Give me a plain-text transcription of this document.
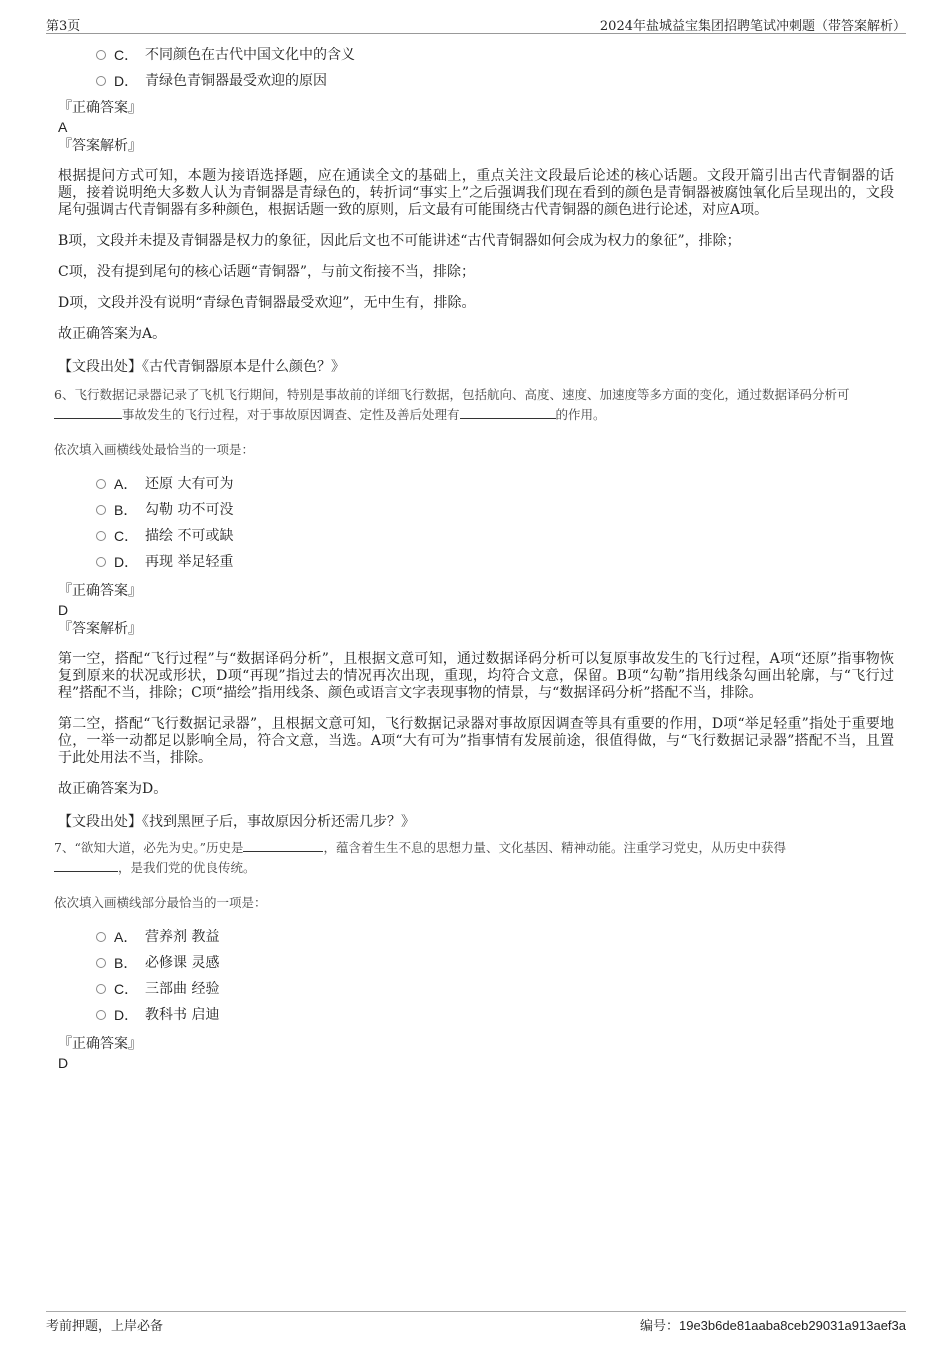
第3页	2024年盐城益宝集团招聘笔试冲刺题（带答案解析）
C． 不同颜色在古代中国文化中的含义
D． 青绿色青铜器最受欢迎的原因
『正确答案』
A
『答案解析』

根据提问方式可知，本题为接语选择题，应在通读全文的基础上，重点关注文段最后论述的核心话题。文段开篇引出古代青铜器的话题，接着说明绝大多数人认为青铜器是青绿色的，转折词“事实上”之后强调我们现在看到的颜色是青铜器被腐蚀氧化后呈现出的，文段尾句强调古代青铜器有多种颜色，根据话题一致的原则，后文最有可能围绕古代青铜器的颜色进行论述，对应A项。

B项，文段并未提及青铜器是权力的象征，因此后文也不可能讲述“古代青铜器如何会成为权力的象征”，排除；

C项，没有提到尾句的核心话题“青铜器”，与前文衔接不当，排除；

D项，文段并没有说明“青绿色青铜器最受欢迎”，无中生有，排除。

故正确答案为A。

【文段出处】《古代青铜器原本是什么颜色？》
6、飞行数据记录器记录了飞机飞行期间，特别是事故前的详细飞行数据，包括航向、高度、速度、加速度等多方面的变化，通过数据译码分析可事故发生的飞行过程，对于事故原因调查、定性及善后处理有	的作用。
依次填入画横线处最恰当的一项是：
A． 还原 大有可为
B． 勾勒 功不可没
C． 描绘 不可或缺
D． 再现 举足轻重
『正确答案』
D
『答案解析』

第一空，搭配“飞行过程”与“数据译码分析”，且根据文意可知，通过数据译码分析可以复原事故发生的飞行过程，A项“还原”指事物恢复到原来的状况或形状，D项“再现”指过去的情况再次出现，重现，均符合文意，保留。B项“勾勒”指用线条勾画出轮廓，与“飞行过程”搭配不当，排除；C项“描绘”指用线条、颜色或语言文字表现事物的情景，与“数据译码分析”搭配不当，排除。

第二空，搭配“飞行数据记录器”，且根据文意可知，飞行数据记录器对事故原因调查等具有重要的作用，D项“举足轻重”指处于重要地位，一举一动都足以影响全局，符合文意，当选。A项“大有可为”指事情有发展前途，很值得做，与“飞行数据记录器”搭配不当，且置于此处用法不当，排除。

故正确答案为D。

【文段出处】《找到黑匣子后，事故原因分析还需几步？》
7、“欲知大道，必先为史。”历史是	，蕴含着生生不息的思想力量、文化基因、精神动能。注重学习党史，从历史中获得
，是我们党的优良传统。
依次填入画横线部分最恰当的一项是：
A． 营养剂 教益
B． 必修课 灵感
C． 三部曲 经验
D． 教科书 启迪
『正确答案』
D
考前押题，上岸必备	编号：19e3b6de81aaba8ceb29031a913aef3a
